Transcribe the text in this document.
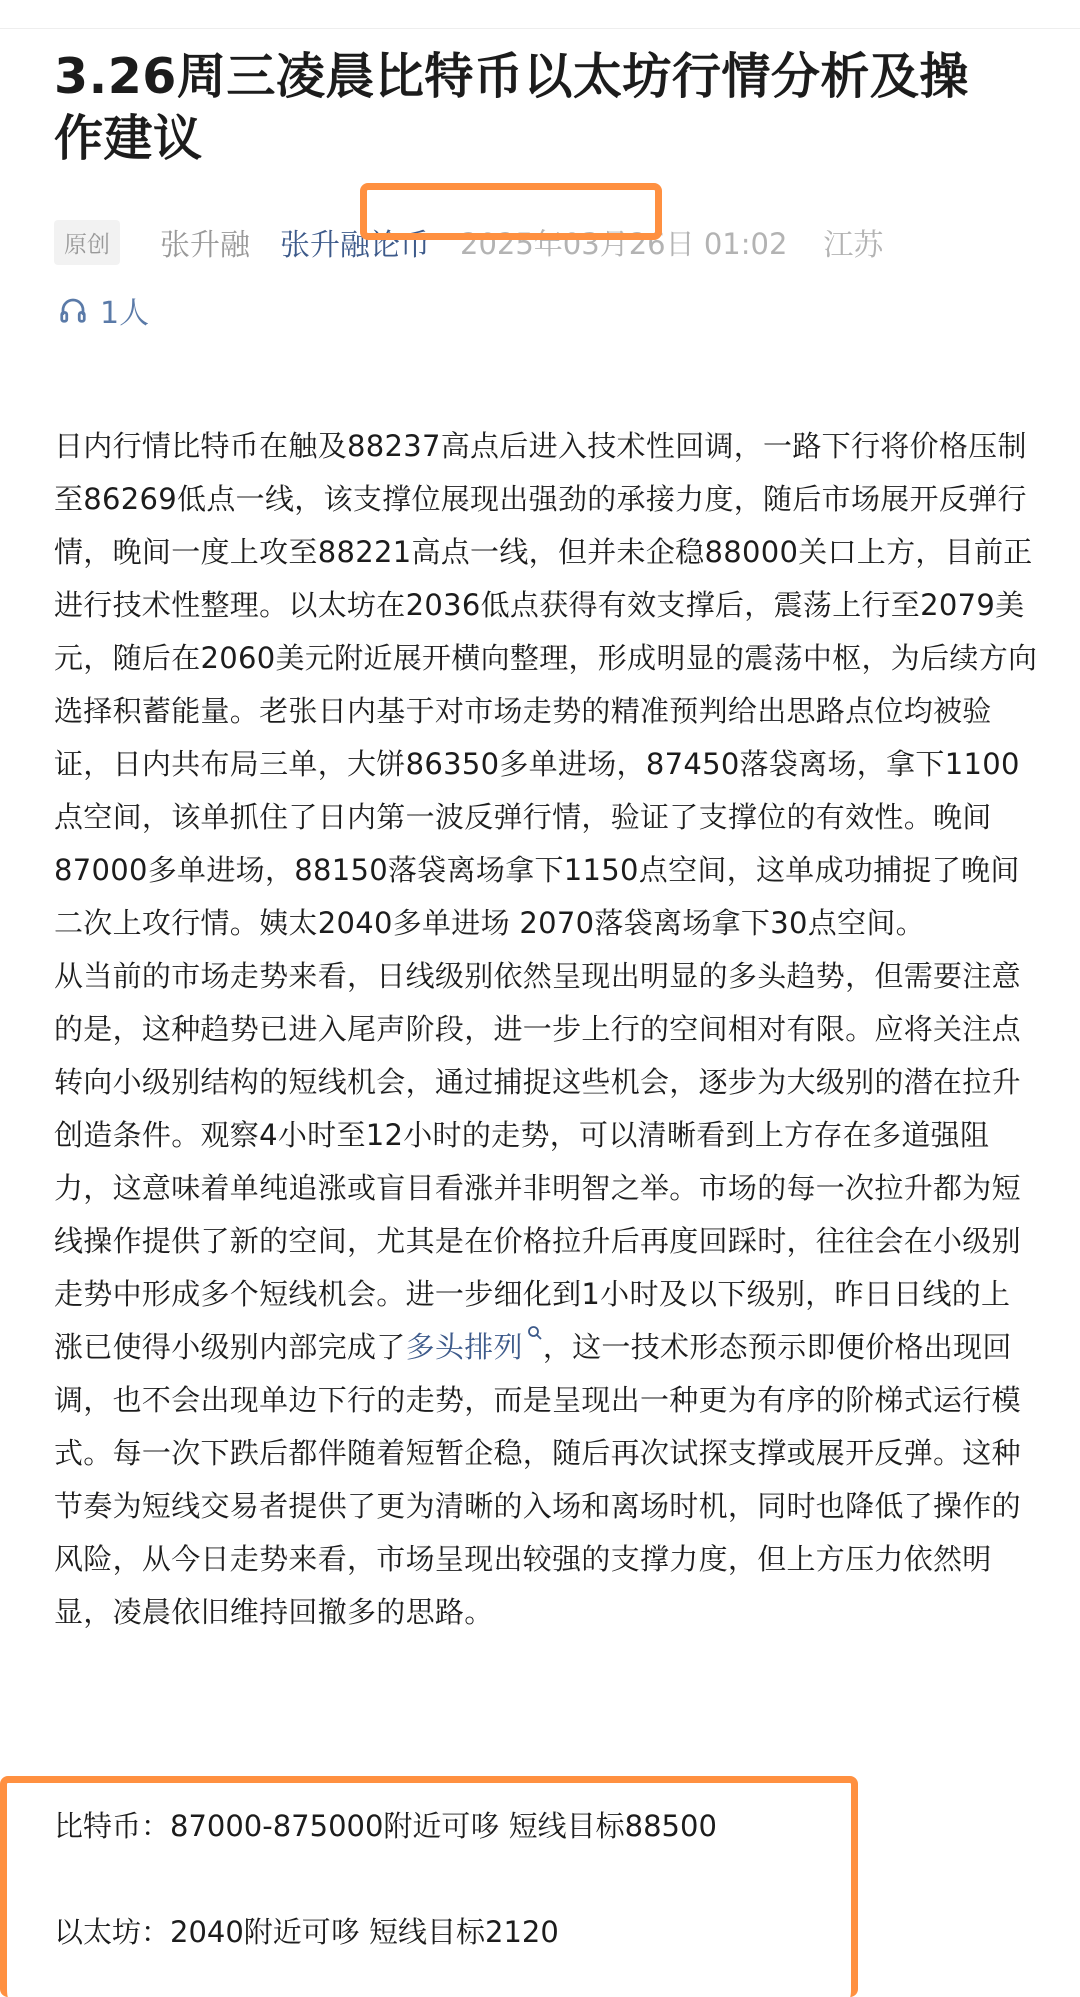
3.26周三凌晨比特币以太坊行情分析及操作建议
原创	张升融 张升融论币 2025年03月26日 01:02 江苏
1人

日内行情比特币在触及88237高点后进入技术性回调，一路下行将价格压制至86269低点一线，该支撑位展现出强劲的承接力度，随后市场展开反弹行情，晚间一度上攻至88221高点一线，但并未企稳88000关口上方，目前正进行技术性整理。以太坊在2036低点获得有效支撑后，震荡上行至2079美元，随后在2060美元附近展开横向整理，形成明显的震荡中枢，为后续方向选择积蓄能量。老张日内基于对市场走势的精准预判给出思路点位均被验证，日内共布局三单，大饼86350多单进场，87450落袋离场，拿下1100点空间，该单抓住了日内第一波反弹行情，验证了支撑位的有效性。晚间87000多单进场，88150落袋离场拿下1150点空间，这单成功捕捉了晚间二次上攻行情。姨太2040多单进场 2070落袋离场拿下30点空间。

从当前的市场走势来看，日线级别依然呈现出明显的多头趋势，但需要注意的是，这种趋势已进入尾声阶段，进一步上行的空间相对有限。应将关注点转向小级别结构的短线机会，通过捕捉这些机会，逐步为大级别的潜在拉升创造条件。观察4小时至12小时的走势，可以清晰看到上方存在多道强阻力，这意味着单纯追涨或盲目看涨并非明智之举。市场的每一次拉升都为短线操作提供了新的空间，尤其是在价格拉升后再度回踩时，往往会在小级别走势中形成多个短线机会。进一步细化到1小时及以下级别，昨日日线的上涨已使得小级别内部完成了多头排列 ，这一技术形态预示即便价格出现回调，也不会出现单边下行的走势，而是呈现出一种更为有序的阶梯式运行模式。每一次下跌后都伴随着短暂企稳，随后再次试探支撑或展开反弹。这种节奏为短线交易者提供了更为清晰的入场和离场时机，同时也降低了操作的风险，从今日走势来看，市场呈现出较强的支撑力度，但上方压力依然明显，凌晨依旧维持回撤多的思路。

比特币：87000-875000附近可哆 短线目标88500
以太坊：2040附近可哆 短线目标2120
